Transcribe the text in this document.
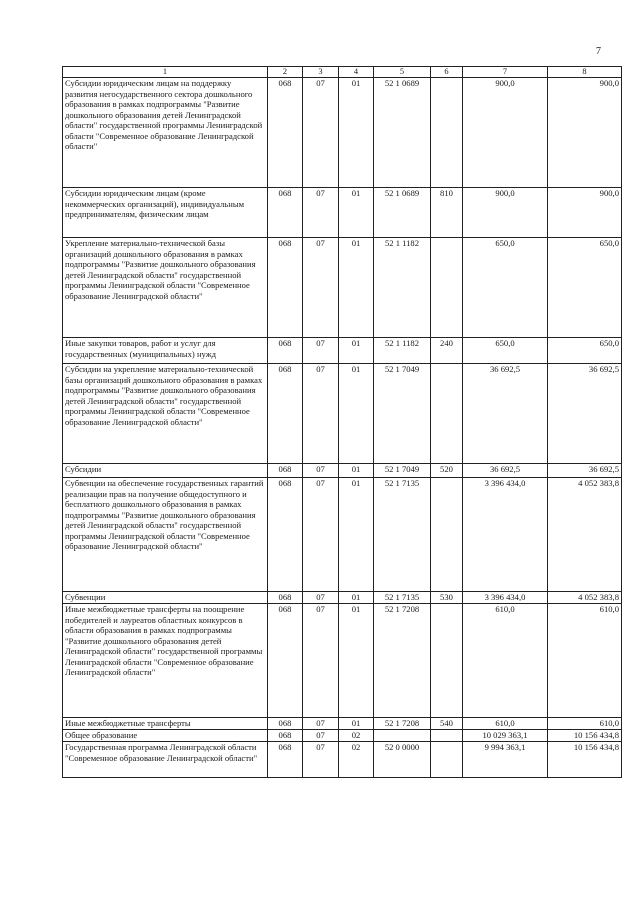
7
1	2	3	4	5	6	7	8
Субсидии юридическим лицам на поддержку развития негосударственного сектора дошкольного образования в рамках подпрограммы "Развитие дошкольного образования детей Ленинградской области" государственной программы Ленинградской области "Современное образование Ленинградской области"	068	07	01	52 1 0689		900,0	900,0
Субсидии юридическим лицам (кроме некоммерческих организаций), индивидуальным предпринимателям, физическим лицам	068	07	01	52 1 0689	810	900,0	900,0
Укрепление материально-технической базы организаций дошкольного образования в рамках подпрограммы "Развитие дошкольного образования детей Ленинградской области" государственной программы Ленинградской области "Современное образование Ленинградской области"	068	07	01	52 1 1182		650,0	650,0
Иные закупки товаров, работ и услуг для государственных (муниципальных) нужд	068	07	01	52 1 1182	240	650,0	650,0
Субсидии на укрепление материально-технической базы организаций дошкольного образования в рамках подпрограммы "Развитие дошкольного образования детей Ленинградской области" государственной программы Ленинградской области "Современное образование Ленинградской области"	068	07	01	52 1 7049		36 692,5	36 692,5
Субсидии	068	07	01	52 1 7049	520	36 692,5	36 692,5
Субвенции на обеспечение государственных гарантий реализации прав на получение общедоступного и бесплатного дошкольного образования в рамках подпрограммы "Развитие дошкольного образования детей Ленинградской области" государственной программы Ленинградской области "Современное образование Ленинградской области"	068	07	01	52 1 7135		3 396 434,0	4 052 383,8
Субвенции	068	07	01	52 1 7135	530	3 396 434,0	4 052 383,8
Иные межбюджетные трансферты на поощрение победителей и лауреатов областных конкурсов в области образования в рамках подпрограммы "Развитие дошкольного образования детей Ленинградской области" государственной программы Ленинградской области "Современное образование Ленинградской области"	068	07	01	52 1 7208		610,0	610,0
Иные межбюджетные трансферты	068	07	01	52 1 7208	540	610,0	610,0
Общее образование	068	07	02			10 029 363,1	10 156 434,8
Государственная программа Ленинградской области "Современное образование Ленинградской области"	068	07	02	52 0 0000		9 994 363,1	10 156 434,8
